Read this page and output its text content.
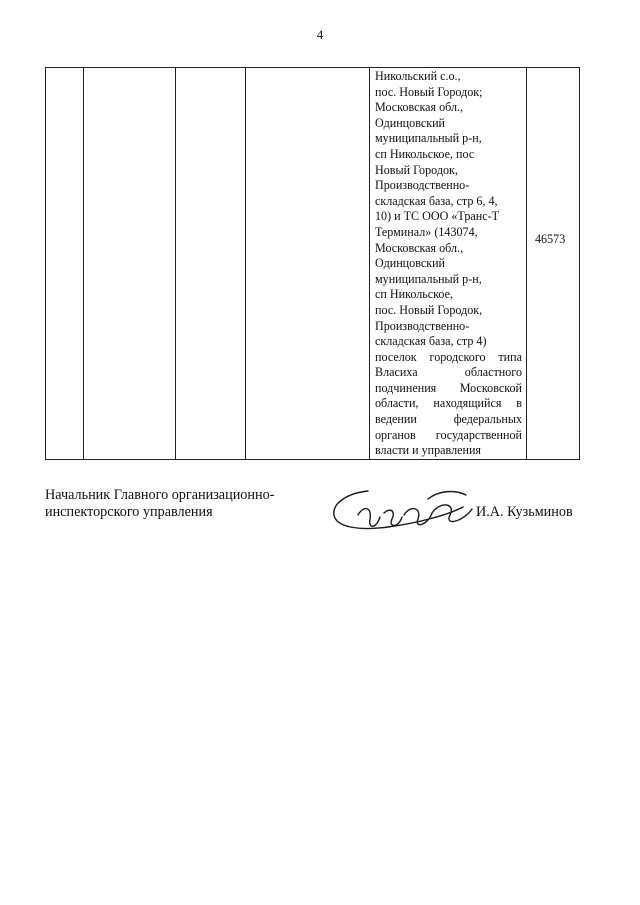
4

Никольский с.о.,
пос. Новый Городок;
Московская обл.,
Одинцовский
муниципальный р-н,
сп Никольское, пос
Новый Городок,
Производственно-
складская база, стр 6, 4,
10) и ТС ООО «Транс-Т
Терминал» (143074,
Московская обл.,
Одинцовский
муниципальный р-н,
сп Никольское,
пос. Новый Городок,
Производственно-
складская база, стр 4)
поселок городского типа
Власиха областного
подчинения Московской
области, находящийся в
ведении федеральных
органов государственной
власти и управления
	$^{46573}$
Начальник Главного организационно-
инспекторского управления	И.А. Кузьминов
